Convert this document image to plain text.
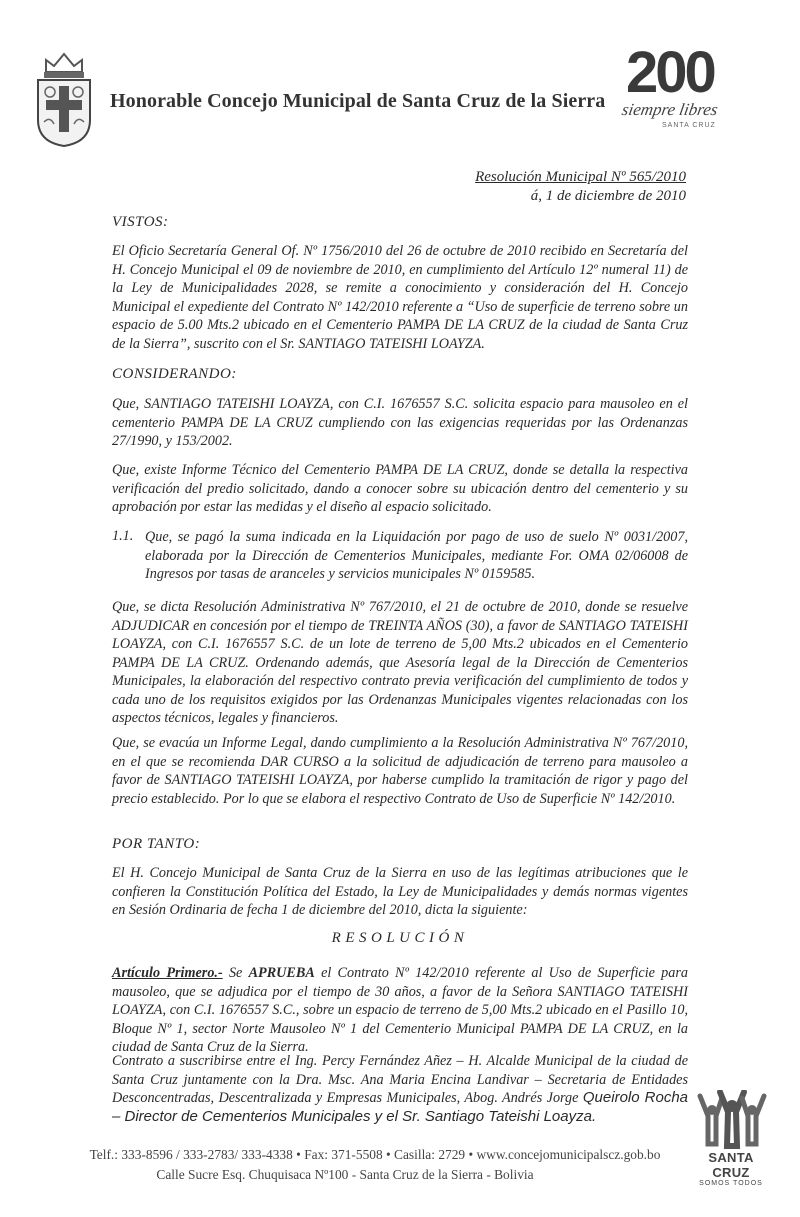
Honorable Concejo Municipal de Santa Cruz de la Sierra 200
siempre libres
SANTA CRUZ
Resolución Municipal Nº 565/2010
á, 1 de diciembre de 2010
VISTOS:
El Oficio Secretaría General Of. Nº 1756/2010 del 26 de octubre de 2010 recibido en Secretaría del H. Concejo Municipal el 09 de noviembre de 2010, en cumplimiento del Artículo 12º numeral 11) de la Ley de Municipalidades 2028, se remite a conocimiento y consideración del H. Concejo Municipal el expediente del Contrato Nº 142/2010 referente a “Uso de superficie de terreno sobre un espacio de 5.00 Mts.2 ubicado en el Cementerio PAMPA DE LA CRUZ de la ciudad de Santa Cruz de la Sierra”, suscrito con el Sr. SANTIAGO TATEISHI LOAYZA.
CONSIDERANDO:
Que, SANTIAGO TATEISHI LOAYZA, con C.I. 1676557 S.C. solicita espacio para mausoleo en el cementerio PAMPA DE LA CRUZ cumpliendo con las exigencias requeridas por las Ordenanzas 27/1990, y 153/2002.
Que, existe Informe Técnico del Cementerio PAMPA DE LA CRUZ, donde se detalla la respectiva verificación del predio solicitado, dando a conocer sobre su ubicación dentro del cementerio y su aprobación por estar las medidas y el diseño al espacio solicitado.
1.1. Que, se pagó la suma indicada en la Liquidación por pago de uso de suelo Nº 0031/2007, elaborada por la Dirección de Cementerios Municipales, mediante For. OMA 02/06008 de Ingresos por tasas de aranceles y servicios municipales Nº 0159585.
Que, se dicta Resolución Administrativa Nº 767/2010, el 21 de octubre de 2010, donde se resuelve ADJUDICAR en concesión por el tiempo de TREINTA AÑOS (30), a favor de SANTIAGO TATEISHI LOAYZA, con C.I. 1676557 S.C. de un lote de terreno de 5,00 Mts.2 ubicados en el Cementerio PAMPA DE LA CRUZ. Ordenando además, que Asesoría legal de la Dirección de Cementerios Municipales, la elaboración del respectivo contrato previa verificación del cumplimiento de todos y cada uno de los requisitos exigidos por las Ordenanzas Municipales vigentes relacionadas con los aspectos técnicos, legales y financieros.
Que, se evacúa un Informe Legal, dando cumplimiento a la Resolución Administrativa Nº 767/2010, en el que se recomienda DAR CURSO a la solicitud de adjudicación de terreno para mausoleo a favor de SANTIAGO TATEISHI LOAYZA, por haberse cumplido la tramitación de rigor y pago del precio establecido. Por lo que se elabora el respectivo Contrato de Uso de Superficie Nº 142/2010.
POR TANTO:
El H. Concejo Municipal de Santa Cruz de la Sierra en uso de las legítimas atribuciones que le confieren la Constitución Política del Estado, la Ley de Municipalidades y demás normas vigentes en Sesión Ordinaria de fecha 1 de diciembre del 2010, dicta la siguiente:
RESOLUCIÓN
Artículo Primero.- Se APRUEBA el Contrato Nº 142/2010 referente al Uso de Superficie para mausoleo, que se adjudica por el tiempo de 30 años, a favor de la Señora SANTIAGO TATEISHI LOAYZA, con C.I. 1676557 S.C., sobre un espacio de terreno de 5,00 Mts.2 ubicado en el Pasillo 10, Bloque Nº 1, sector Norte Mausoleo Nº 1 del Cementerio Municipal PAMPA DE LA CRUZ, en la ciudad de Santa Cruz de la Sierra.
Contrato a suscribirse entre el Ing. Percy Fernández Añez – H. Alcalde Municipal de la ciudad de Santa Cruz juntamente con la Dra. Msc. Ana Maria Encina Landivar – Secretaria de Entidades Desconcentradas, Descentralizada y Empresas Municipales, Abog. Andrés Jorge Queirolo Rocha – Director de Cementerios Municipales y el Sr. Santiago Tateishi Loayza.
Telf.: 333-8596 / 333-2783/ 333-4338 • Fax: 371-5508 • Casilla: 2729 • www.concejomunicipalscz.gob.bo
Calle Sucre Esq. Chuquisaca Nº100 - Santa Cruz de la Sierra - Bolivia
SANTA CRUZ
SOMOS TODOS
